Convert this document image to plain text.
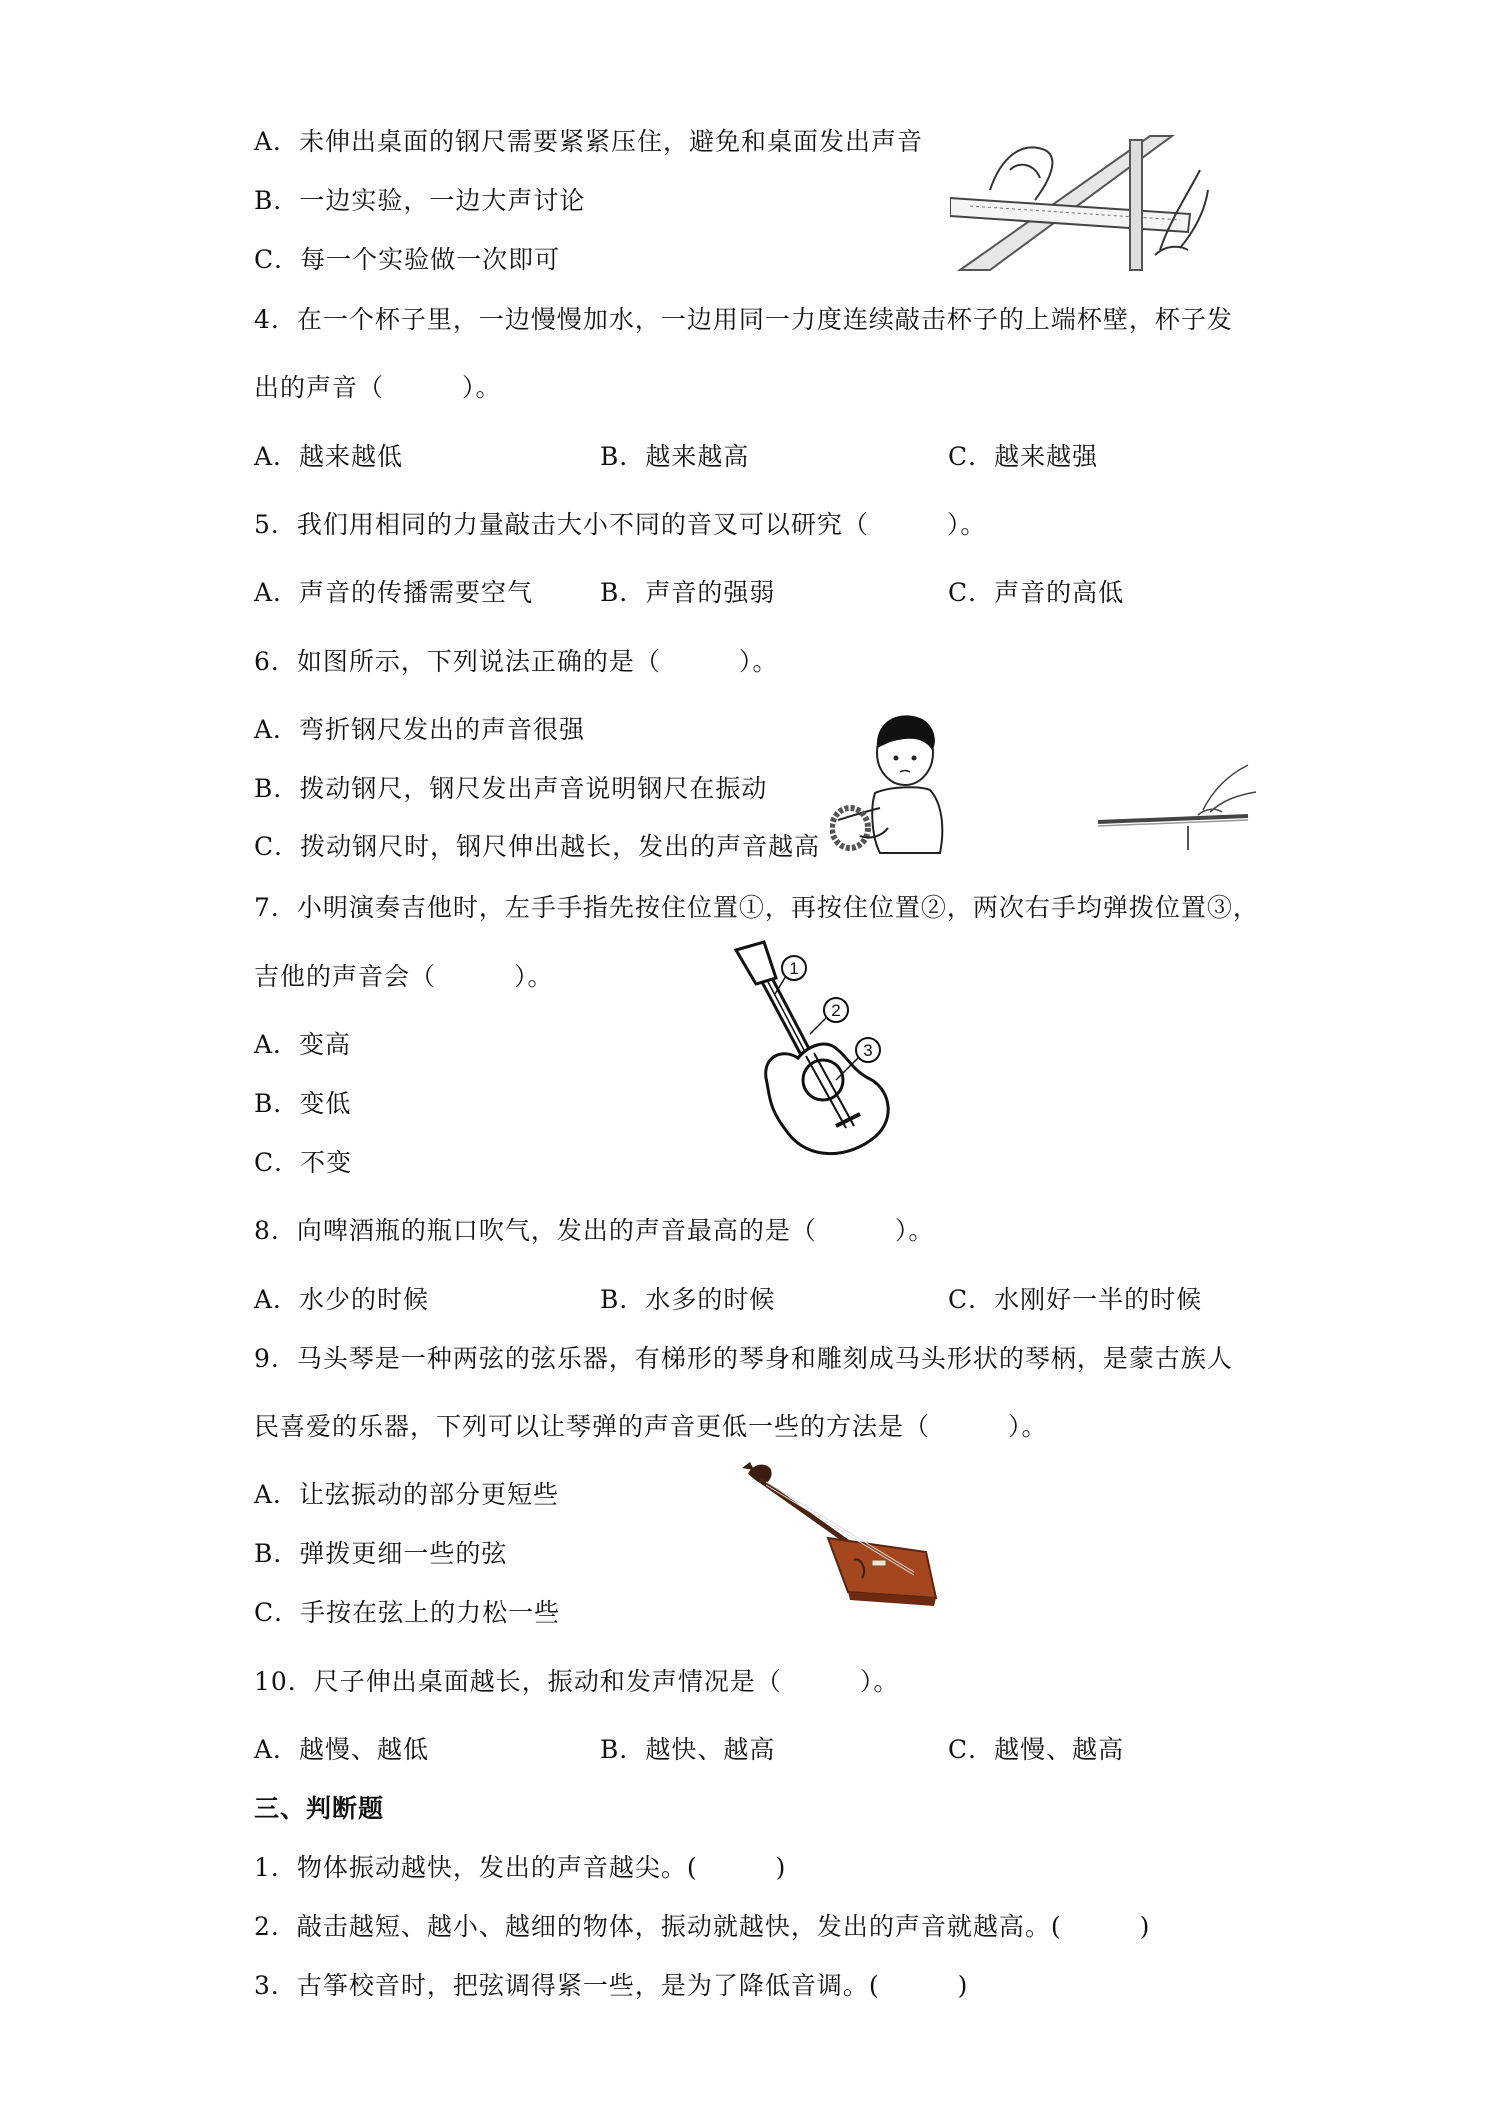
A．未伸出桌面的钢尺需要紧紧压住，避免和桌面发出声音
B．一边实验，一边大声讨论
C．每一个实验做一次即可
4．在一个杯子里，一边慢慢加水，一边用同一力度连续敲击杯子的上端杯壁，杯子发
出的声音（　　　）。
A．越来越低	B．越来越高	C．越来越强
5．我们用相同的力量敲击大小不同的音叉可以研究（　　　）。
A．声音的传播需要空气	B．声音的强弱	C．声音的高低
6．如图所示，下列说法正确的是（　　　）。
A．弯折钢尺发出的声音很强
B．拨动钢尺，钢尺发出声音说明钢尺在振动
C．拨动钢尺时，钢尺伸出越长，发出的声音越高
7．小明演奏吉他时，左手手指先按住位置①，再按住位置②，两次右手均弹拨位置③，
吉他的声音会（　　　）。
A．变高
B．变低
C．不变
1
2
3
8．向啤酒瓶的瓶口吹气，发出的声音最高的是（　　　）。
A．水少的时候	B．水多的时候	C．水刚好一半的时候
9．马头琴是一种两弦的弦乐器，有梯形的琴身和雕刻成马头形状的琴柄，是蒙古族人
民喜爱的乐器，下列可以让琴弹的声音更低一些的方法是（　　　）。
A．让弦振动的部分更短些
B．弹拨更细一些的弦
C．手按在弦上的力松一些
10．尺子伸出桌面越长，振动和发声情况是（　　　）。
A．越慢、越低	B．越快、越高	C．越慢、越高
三、判断题
1．物体振动越快，发出的声音越尖。(　　　)
2．敲击越短、越小、越细的物体，振动就越快，发出的声音就越高。(　　　)
3．古筝校音时，把弦调得紧一些，是为了降低音调。(　　　)
